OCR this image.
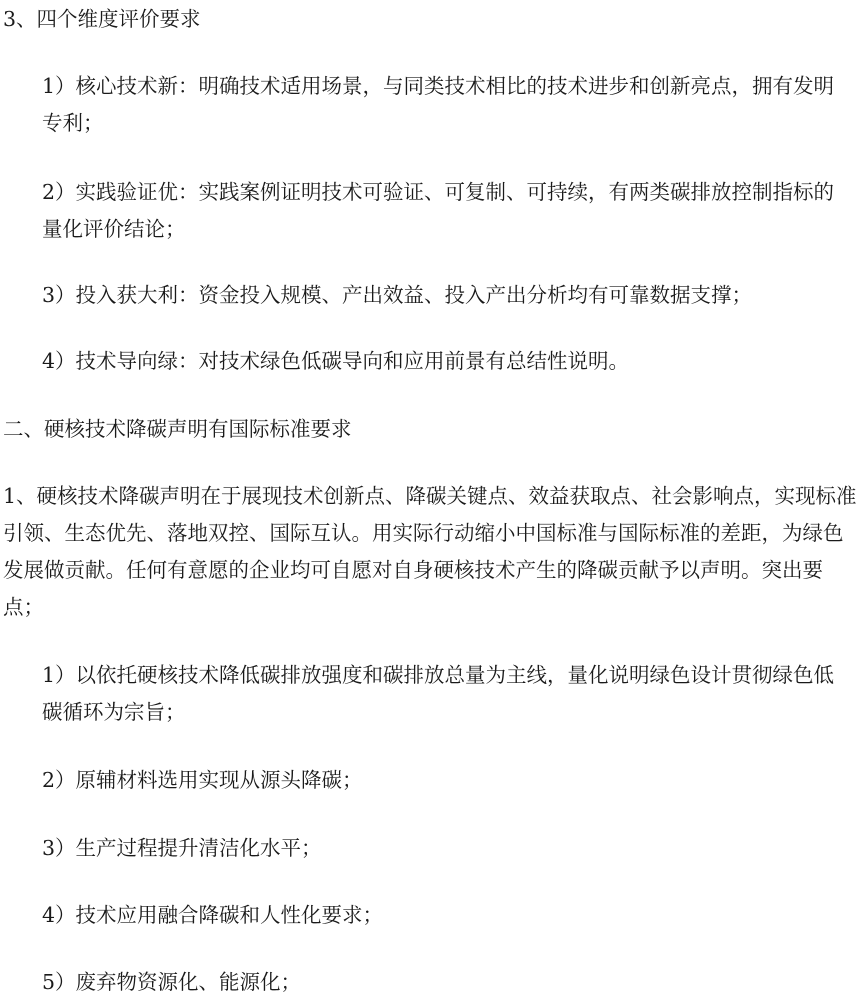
3、四个维度评价要求

1）核心技术新：明确技术适用场景，与同类技术相比的技术进步和创新亮点，拥有发明专利；

2）实践验证优：实践案例证明技术可验证、可复制、可持续，有两类碳排放控制指标的量化评价结论；

3）投入获大利：资金投入规模、产出效益、投入产出分析均有可靠数据支撑；

4）技术导向绿：对技术绿色低碳导向和应用前景有总结性说明。

二、硬核技术降碳声明有国际标准要求

1、硬核技术降碳声明在于展现技术创新点、降碳关键点、效益获取点、社会影响点，实现标准引领、生态优先、落地双控、国际互认。用实际行动缩小中国标准与国际标准的差距，为绿色发展做贡献。任何有意愿的企业均可自愿对自身硬核技术产生的降碳贡献予以声明。突出要点；

1）以依托硬核技术降低碳排放强度和碳排放总量为主线，量化说明绿色设计贯彻绿色低碳循环为宗旨；

2）原辅材料选用实现从源头降碳；

3）生产过程提升清洁化水平；

4）技术应用融合降碳和人性化要求；

5）废弃物资源化、能源化；
